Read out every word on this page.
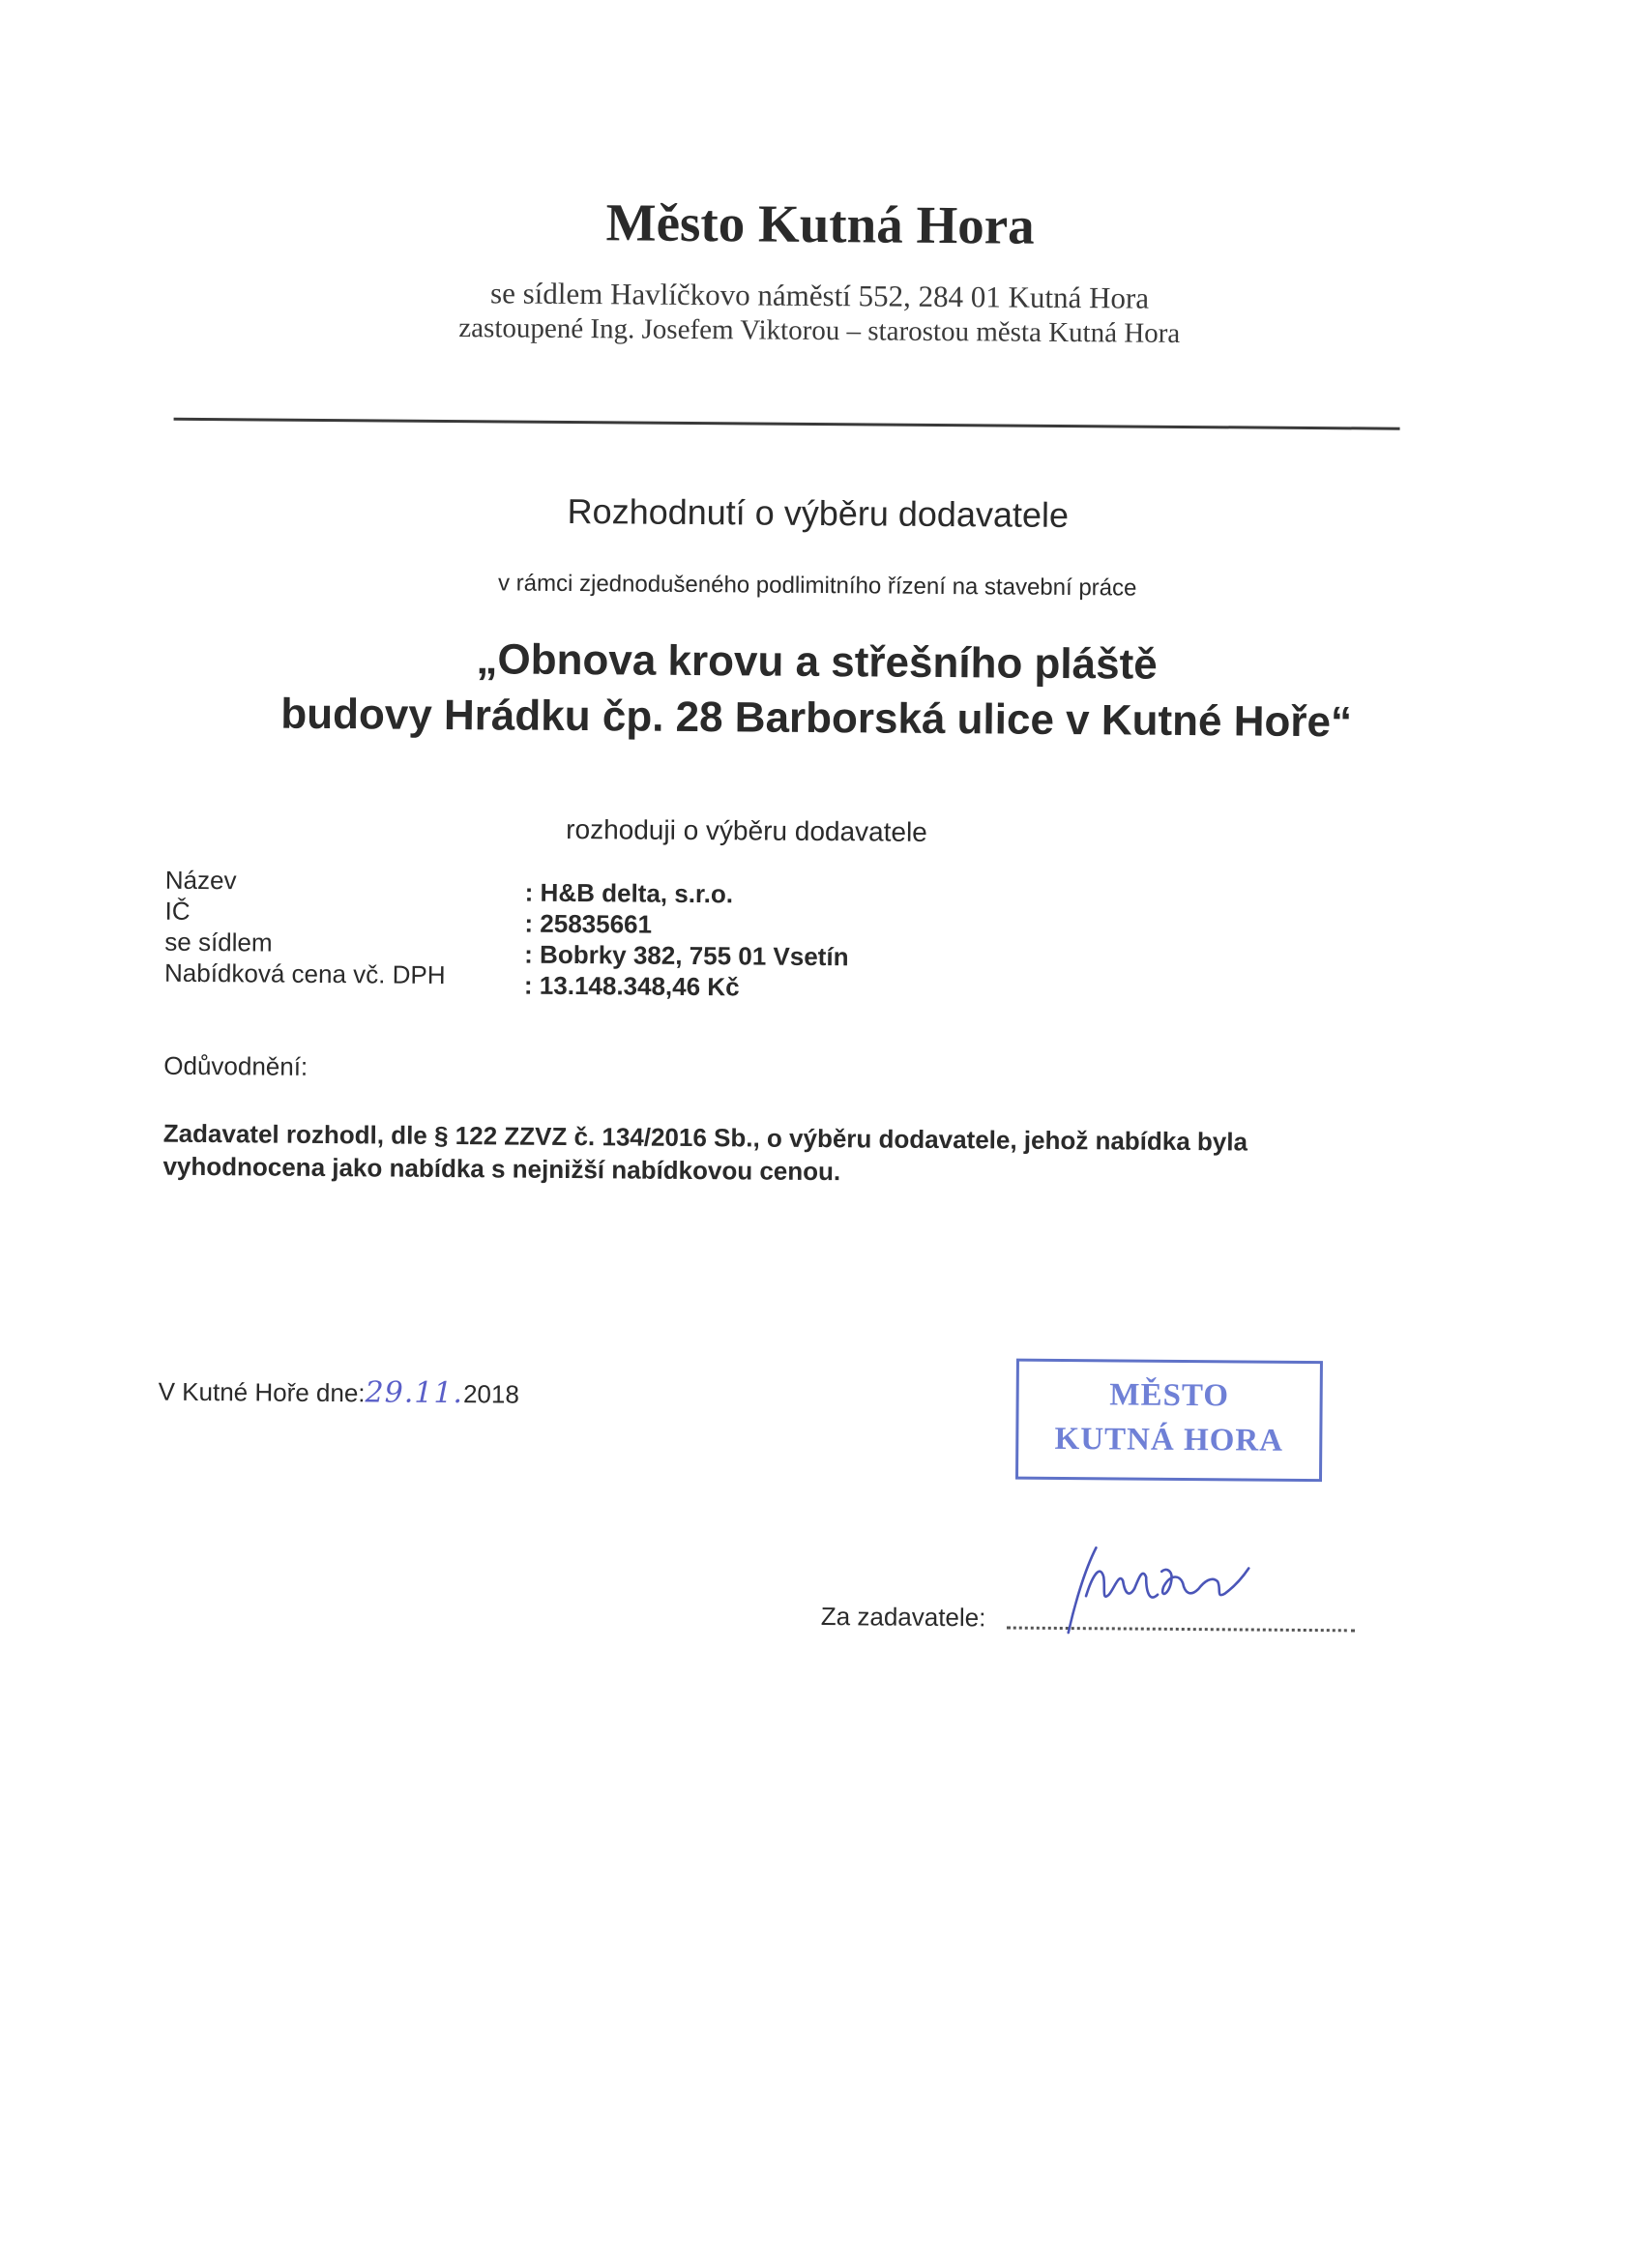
Město Kutná Hora
se sídlem Havlíčkovo náměstí 552, 284 01 Kutná Hora
zastoupené Ing. Josefem Viktorou – starostou města Kutná Hora
Rozhodnutí o výběru dodavatele
v rámci zjednodušeného podlimitního řízení na stavební práce
„Obnova krovu a střešního pláště
budovy Hrádku čp. 28 Barborská ulice v Kutné Hoře“
rozhoduji o výběru dodavatele
Název	: H&B delta, s.r.o.
IČ	: 25835661
se sídlem	: Bobrky 382, 755 01 Vsetín
Nabídková cena vč. DPH	: 13.148.348,46 Kč
Odůvodnění:
Zadavatel rozhodl, dle § 122 ZZVZ č. 134/2016 Sb., o výběru dodavatele, jehož nabídka byla
vyhodnocena jako nabídka s nejnižší nabídkovou cenou.
V Kutné Hoře dne:29.11.2018	MĚSTO
KUTNÁ HORA
Za zadavatele:
